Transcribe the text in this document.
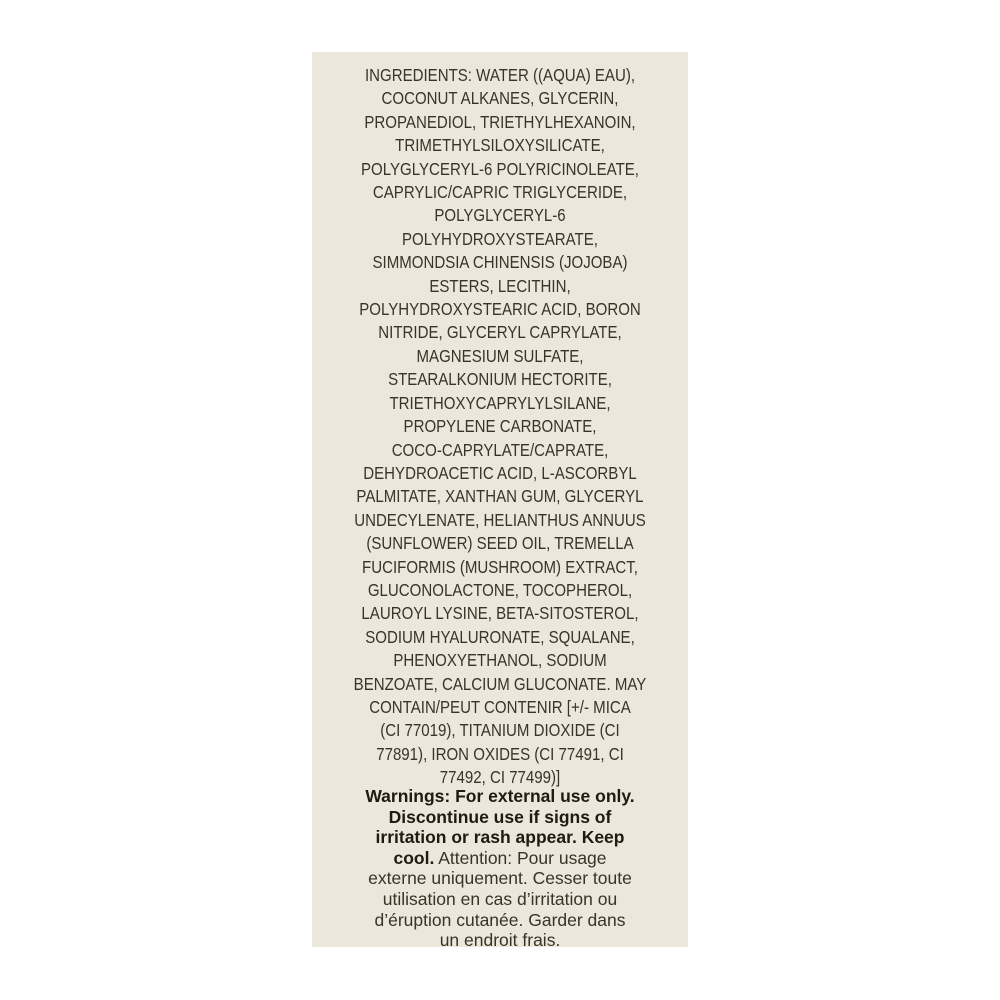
INGREDIENTS: WATER ((AQUA) EAU),
COCONUT ALKANES, GLYCERIN,
PROPANEDIOL, TRIETHYLHEXANOIN,
TRIMETHYLSILOXYSILICATE,
POLYGLYCERYL-6 POLYRICINOLEATE,
CAPRYLIC/CAPRIC TRIGLYCERIDE,
POLYGLYCERYL-6
POLYHYDROXYSTEARATE,
SIMMONDSIA CHINENSIS (JOJOBA)
ESTERS, LECITHIN,
POLYHYDROXYSTEARIC ACID, BORON
NITRIDE, GLYCERYL CAPRYLATE,
MAGNESIUM SULFATE,
STEARALKONIUM HECTORITE,
TRIETHOXYCAPRYLYLSILANE,
PROPYLENE CARBONATE,
COCO-CAPRYLATE/CAPRATE,
DEHYDROACETIC ACID, L-ASCORBYL
PALMITATE, XANTHAN GUM, GLYCERYL
UNDECYLENATE, HELIANTHUS ANNUUS
(SUNFLOWER) SEED OIL, TREMELLA
FUCIFORMIS (MUSHROOM) EXTRACT,
GLUCONOLACTONE, TOCOPHEROL,
LAUROYL LYSINE, BETA-SITOSTEROL,
SODIUM HYALURONATE, SQUALANE,
PHENOXYETHANOL, SODIUM
BENZOATE, CALCIUM GLUCONATE. MAY
CONTAIN/PEUT CONTENIR [+/- MICA
(CI 77019), TITANIUM DIOXIDE (CI
77891), IRON OXIDES (CI 77491, CI
77492, CI 77499)]
Warnings: For external use only.
Discontinue use if signs of
irritation or rash appear. Keep
cool. Attention: Pour usage
externe uniquement. Cesser toute
utilisation en cas d’irritation ou
d’éruption cutanée. Garder dans
un endroit frais.
